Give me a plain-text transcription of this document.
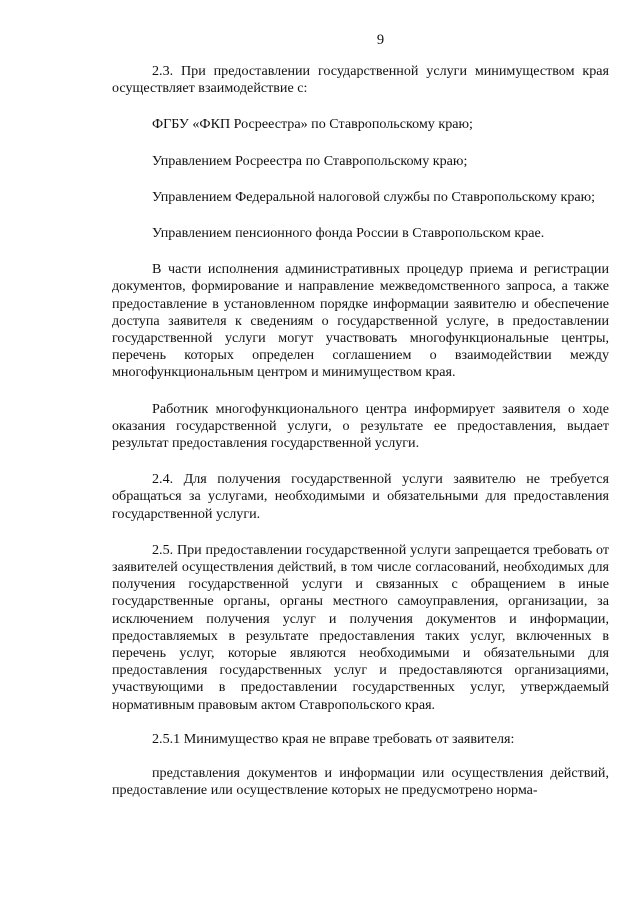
9

2.3. При предоставлении государственной услуги минимуществом края осуществляет взаимодействие с:

ФГБУ «ФКП Росреестра» по Ставропольскому краю;

Управлением Росреестра по Ставропольскому краю;

Управлением Федеральной налоговой службы по Ставропольскому краю;

Управлением пенсионного фонда России в Ставропольском крае.

В части исполнения административных процедур приема и регистрации документов, формирование и направление межведомственного запроса, а также предоставление в установленном порядке информации заявителю и обеспечение доступа заявителя к сведениям о государственной услуге, в предоставлении государственной услуги могут участвовать многофункциональные центры, перечень которых определен соглашением о взаимодействии между многофункциональным центром и минимуществом края.

Работник многофункционального центра информирует заявителя о ходе оказания государственной услуги, о результате ее предоставления, выдает результат предоставления государственной услуги.

2.4. Для получения государственной услуги заявителю не требуется обращаться за услугами, необходимыми и обязательными для предоставления государственной услуги.

2.5. При предоставлении государственной услуги запрещается требовать от заявителей осуществления действий, в том числе согласований, необходимых для получения государственной услуги и связанных с обращением в иные государственные органы, органы местного самоуправления, организации, за исключением получения услуг и получения документов и информации, предоставляемых в результате предоставления таких услуг, включенных в перечень услуг, которые являются необходимыми и обязательными для предоставления государственных услуг и предоставляются организациями, участвующими в предоставлении государственных услуг, утверждаемый нормативным правовым актом Ставропольского края.

2.5.1 Минимущество края не вправе требовать от заявителя:

представления документов и информации или осуществления действий, предоставление или осуществление которых не предусмотрено норма-
